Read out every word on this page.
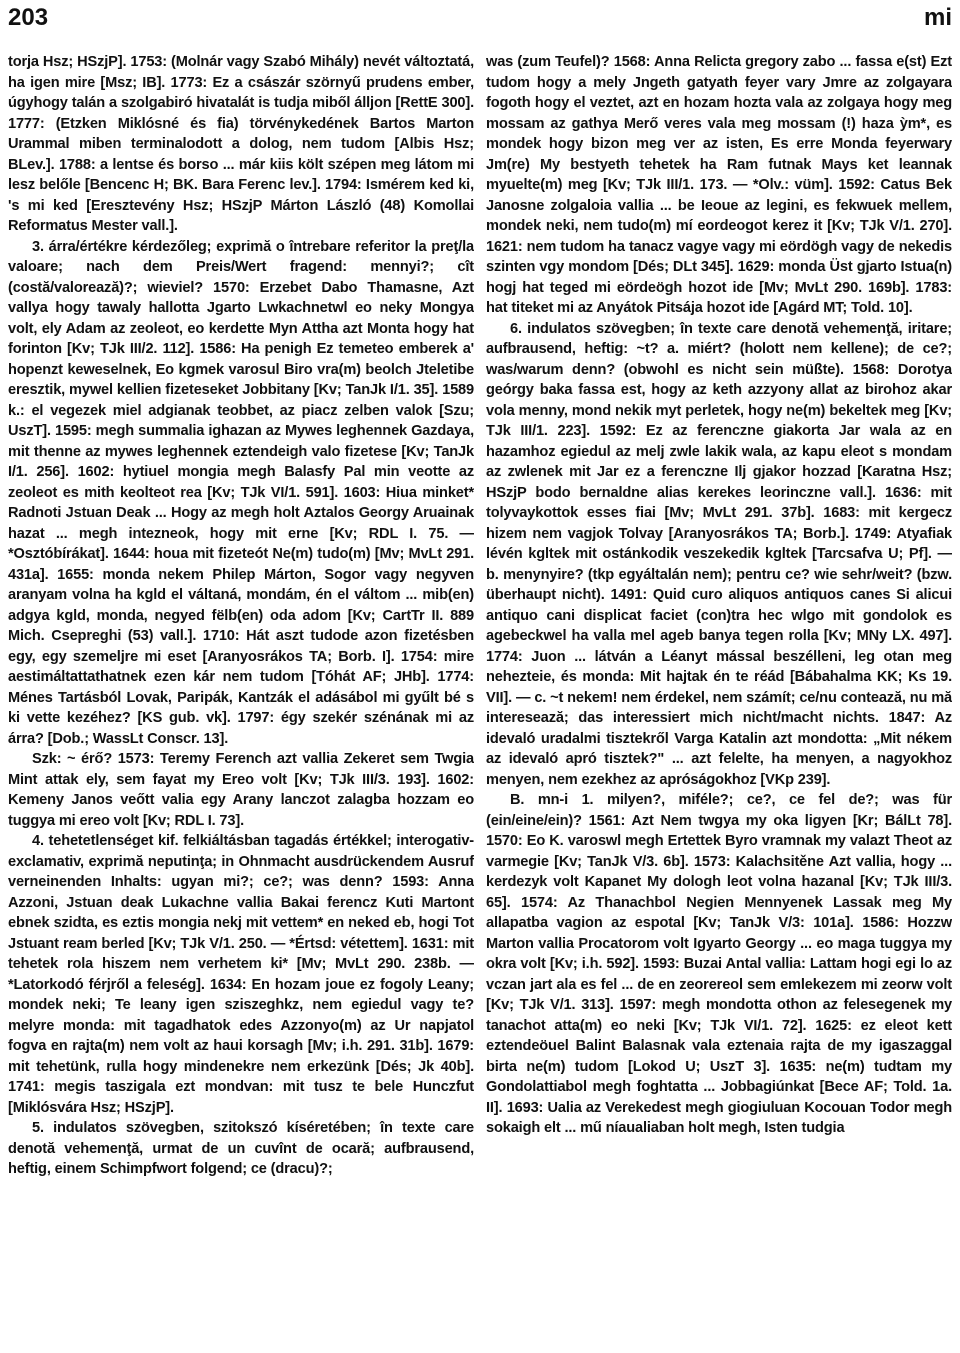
203	mi

torja Hsz; HSzjP]. 1753: (Molnár vagy Szabó Mihály) nevét változtatá, ha igen mire [Msz; IB]. 1773: Ez a császár szörnyű prudens ember, úgyhogy talán a szolgabiró hivatalát is tudja miből álljon [RettE 300]. 1777: (Etzken Miklósné és fia) törvénykedének Bartos Marton Urammal miben terminalodott a dolog, nem tudom [Albis Hsz; BLev.]. 1788: a lentse és borso ... már kiis költ szépen meg látom mi lesz belőle [Bencenc H; BK. Bara Ferenc lev.]. 1794: Ismérem ked ki, 's mi ked [Eresztevény Hsz; HSzjP Márton László (48) Komollai Reformatus Mester vall.].

3. árra/értékre kérdezőleg; exprimă o întrebare referitor la preţ/la valoare; nach dem Preis/Wert fragend: mennyi?; cît (costă/valorează)?; wieviel? 1570: Erzebet Dabo Thamasne, Azt vallya hogy tawaly hallotta Jgarto Lwkachnetwl eo neky Mongya volt, ely Adam az zeoleot, eo kerdette Myn Attha azt Monta hogy hat forinton [Kv; TJk III/2. 112]. 1586: Ha penigh Ez temeteo emberek a' hopenzt keweselnek, Eo kgmek varosul Biro vra(m) beolch Jteletibe eresztik, mywel kellien fizeteseket Jobbitany [Kv; TanJk I/1. 35]. 1589 k.: el vegezek miel adgianak teobbet, az piacz zelben valok [Szu; UszT]. 1595: megh summalia ighazan az Mywes leghennek Gazdaya, mit thenne az mywes leghennek eztendeigh valo fizetese [Kv; TanJk I/1. 256]. 1602: hytiuel mongia megh Balasfy Pal min veotte az zeoleot es mith keolteot rea [Kv; TJk VI/1. 591]. 1603: Hiua minket* Radnoti Jstuan Deak ... Hogy az megh holt Aztalos Georgy Aruainak hazat ... megh intezneok, hogy mit erne [Kv; RDL I. 75. — *Osztóbírákat]. 1644: houa mit fizeteót Ne(m) tudo(m) [Mv; MvLt 291. 431a]. 1655: monda nekem Philep Márton, Sogor vagy negyven aranyam volna ha kgld el váltaná, mondám, én el váltom ... mib(en) adgya kgld, monda, negyed fëlb(en) oda adom [Kv; CartTr II. 889 Mich. Csepreghi (53) vall.]. 1710: Hát aszt tudode azon fizetésben egy, egy szemeljre mi eset [Aranyosrákos TA; Borb. I]. 1754: mire aestimáltattathatnek ezen kár nem tudom [Tóhát AF; JHb]. 1774: Ménes Tartásból Lovak, Paripák, Kantzák el adásábol mi gyűlt bé s ki vette kezéhez? [KS gub. vk]. 1797: égy szekér szénának mi az árra? [Dob.; WassLt Conscr. 13].

Szk: ~ érő? 1573: Teremy Ferench azt vallia Zekeret sem Twgia Mint attak ely, sem fayat my Ereo volt [Kv; TJk III/3. 193]. 1602: Kemeny Janos veőtt valia egy Arany lanczot zalagba hozzam eo tuggya mi ereo volt [Kv; RDL I. 73].

4. tehetetlenséget kif. felkiáltásban tagadás értékkel; interogativ-exclamativ, exprimă neputinţa; in Ohnmacht ausdrückendem Ausruf verneinenden Inhalts: ugyan mi?; ce?; was denn? 1593: Anna Azzoni, Jstuan deak Lukachne vallia Bakai ferencz Kuti Martont ebnek szidta, es eztis mongia nekj mit vettem* en neked eb, hogi Tot Jstuant ream berled [Kv; TJk V/1. 250. — *Értsd: vétettem]. 1631: mit tehetek rola hiszem nem verhetem ki* [Mv; MvLt 290. 238b. — *Latorkodó férjről a feleség]. 1634: En hozam joue ez fogoly Leany; mondek neki; Te leany igen sziszeghkz, nem egiedul vagy te? melyre monda: mit tagadhatok edes Azzonyo(m) az Ur napjatol fogva en rajta(m) nem volt az haui korsagh [Mv; i.h. 291. 31b]. 1679: mit tehetünk, rulla hogy mindenekre nem erkezünk [Dés; Jk 40b]. 1741: megis taszigala ezt mondvan: mit tusz te bele Hunczfut [Miklósvára Hsz; HSzjP].

5. indulatos szövegben, szitokszó kíséretében; în texte care denotă vehemenţă, urmat de un cuvînt de ocară; aufbrausend, heftig, einem Schimpfwort folgend; ce (dracu)?;

was (zum Teufel)? 1568: Anna Relicta gregory zabo ... fassa e(st) Ezt tudom hogy a mely Jngeth gatyath feyer vary Jmre az zolgayara fogoth hogy el veztet, azt en hozam hozta vala az zolgaya hogy meg mossam az gathya Merő veres vala meg mossam (!) haza ỳm*, es mondek hogy bizon meg ver az isten, Es erre Monda feyerwary Jm(re) My bestyeth tehetek ha Ram futnak Mays ket leannak myuelte(m) meg [Kv; TJk III/1. 173. — *Olv.: vüm]. 1592: Catus Bek Janosne zolgaloia vallia ... be Ieoue az legini, es fekwuek mellem, mondek neki, nem tudo(m) mí eordeogot kerez it [Kv; TJk V/1. 270]. 1621: nem tudom ha tanacz vagye vagy mi eördögh vagy de nekedis szinten vgy mondom [Dés; DLt 345]. 1629: monda Üst gjarto Istua(n) hogj hat teged mi eördeögh hozot ide [Mv; MvLt 290. 169b]. 1783: hat titeket mi az Anyátok Pitsája hozot ide [Agárd MT; Told. 10].

6. indulatos szövegben; în texte care denotă vehemenţă, iritare; aufbrausend, heftig: ~t? a. miért? (holott nem kellene); de ce?; was/warum denn? (obwohl es nicht sein müßte). 1568: Dorotya geórgy baka fassa est, hogy az keth azzyony allat az birohoz akar vola menny, mond nekik myt perletek, hogy ne(m) bekeltek meg [Kv; TJk III/1. 223]. 1592: Ez az ferenczne giakorta Jar wala az en hazamhoz egiedul az melj zwle lakik wala, az kapu eleot s mondam az zwlenek mit Jar ez a ferenczne Ilj gjakor hozzad [Karatna Hsz; HSzjP bodo bernaldne alias kerekes leorinczne vall.]. 1636: mit tolyvaykottok esses fiai [Mv; MvLt 291. 37b]. 1683: mit kergecz hizem nem vagjok Tolvay [Aranyosrákos TA; Borb.]. 1749: Atyafiak lévén kgltek mit ostánkodik veszekedik kgltek [Tarcsafva U; Pf]. — b. menynyire? (tkp egyáltalán nem); pentru ce? wie sehr/weit? (bzw. überhaupt nicht). 1491: Quid curo aliquos antiquos canes Si alicui antiquo cani displicat faciet (con)tra hec wlgo mit gondolok es agebeckwel ha valla mel ageb banya tegen rolla [Kv; MNy LX. 497]. 1774: Juon ... látván a Léanyt mással beszélleni, leg otan meg nehezteie, és monda: Mit hajtak én te réád [Bábahalma KK; Ks 19. VII]. — c. ~t nekem! nem érdekel, nem számít; ce/nu contează, nu mă interesează; das interessiert mich nicht/macht nichts. 1847: Az idevaló uradalmi tisztekről Varga Katalin azt mondotta: „Mit nékem az idevaló apró tisztek?" ... azt felelte, ha menyen, a nagyokhoz menyen, nem ezekhez az apróságokhoz [VKp 239].

B. mn-i 1. milyen?, miféle?; ce?, ce fel de?; was für (ein/eine/ein)? 1561: Azt Nem twgya my oka ligyen [Kr; BálLt 78]. 1570: Eo K. varoswl megh Ertettek Byro vramnak my valazt Theot az varmegie [Kv; TanJk V/3. 6b]. 1573: Kalachsitěne Azt vallia, hogy ... kerdezyk volt Kapanet My dologh leot volna hazanal [Kv; TJk III/3. 65]. 1574: Az Thanachbol Negien Mennyenek Lassak meg My allapatba vagion az espotal [Kv; TanJk V/3: 101a]. 1586: Hozzw Marton vallia Procatorom volt Igyarto Georgy ... eo maga tuggya my okra volt [Kv; i.h. 592]. 1593: Buzai Antal vallia: Lattam hogi egi lo az vczan jart ala es fel ... de en zeorereol sem emlekezem mi zeorw volt [Kv; TJk V/1. 313]. 1597: megh mondotta othon az felesegenek my tanachot atta(m) eo neki [Kv; TJk VI/1. 72]. 1625: ez eleot kett eztendeöuel Balint Balasnak vala eztenaia rajta de my igaszaggal birta ne(m) tudom [Lokod U; UszT 3]. 1635: ne(m) tudtam my Gondolattiabol megh foghtatta ... Jobbagiúnkat [Bece AF; Told. 1a. II]. 1693: Ualia az Verekedest megh giogiuluan Kocouan Todor megh sokaigh elt ... mű níaualiaban holt megh, Isten tudgia
